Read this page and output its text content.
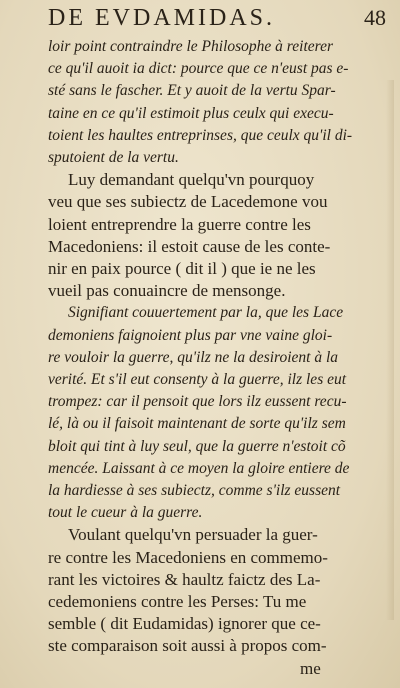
DE EVDAMIDAS.	48
loir point contraindre le Philosophe à reiterer
ce qu'il auoit ia dict: pource que ce n'eust pas e-
sté sans le fascher. Et y auoit de la vertu Spar-
taine en ce qu'il estimoit plus ceulx qui execu-
toient les haultes entreprinses, que ceulx qu'il di-
sputoient de la vertu.
Luy demandant quelqu'vn pourquoy
veu que ses subiectz de Lacedemone vou
loient entreprendre la guerre contre les
Macedoniens: il estoit cause de les conte-
nir en paix pource ( dit il ) que ie ne les
vueil pas conuaincre de mensonge.
Signifiant couuertement par la, que les Lace
demoniens faignoient plus par vne vaine gloi-
re vouloir la guerre, qu'ilz ne la desiroient à la
verité. Et s'il eut consenty à la guerre, ilz les eut
trompez: car il pensoit que lors ilz eussent recu-
lé, là ou il faisoit maintenant de sorte qu'ilz sem
bloit qui tint à luy seul, que la guerre n'estoit cõ
mencée. Laissant à ce moyen la gloire entiere de
la hardiesse à ses subiectz, comme s'ilz eussent
tout le cueur à la guerre.
Voulant quelqu'vn persuader la guer-
re contre les Macedoniens en commemo-
rant les victoires & haultz faictz des La-
cedemoniens contre les Perses: Tu me
semble ( dit Eudamidas) ignorer que ce-
ste comparaison soit aussi à propos com-
me
